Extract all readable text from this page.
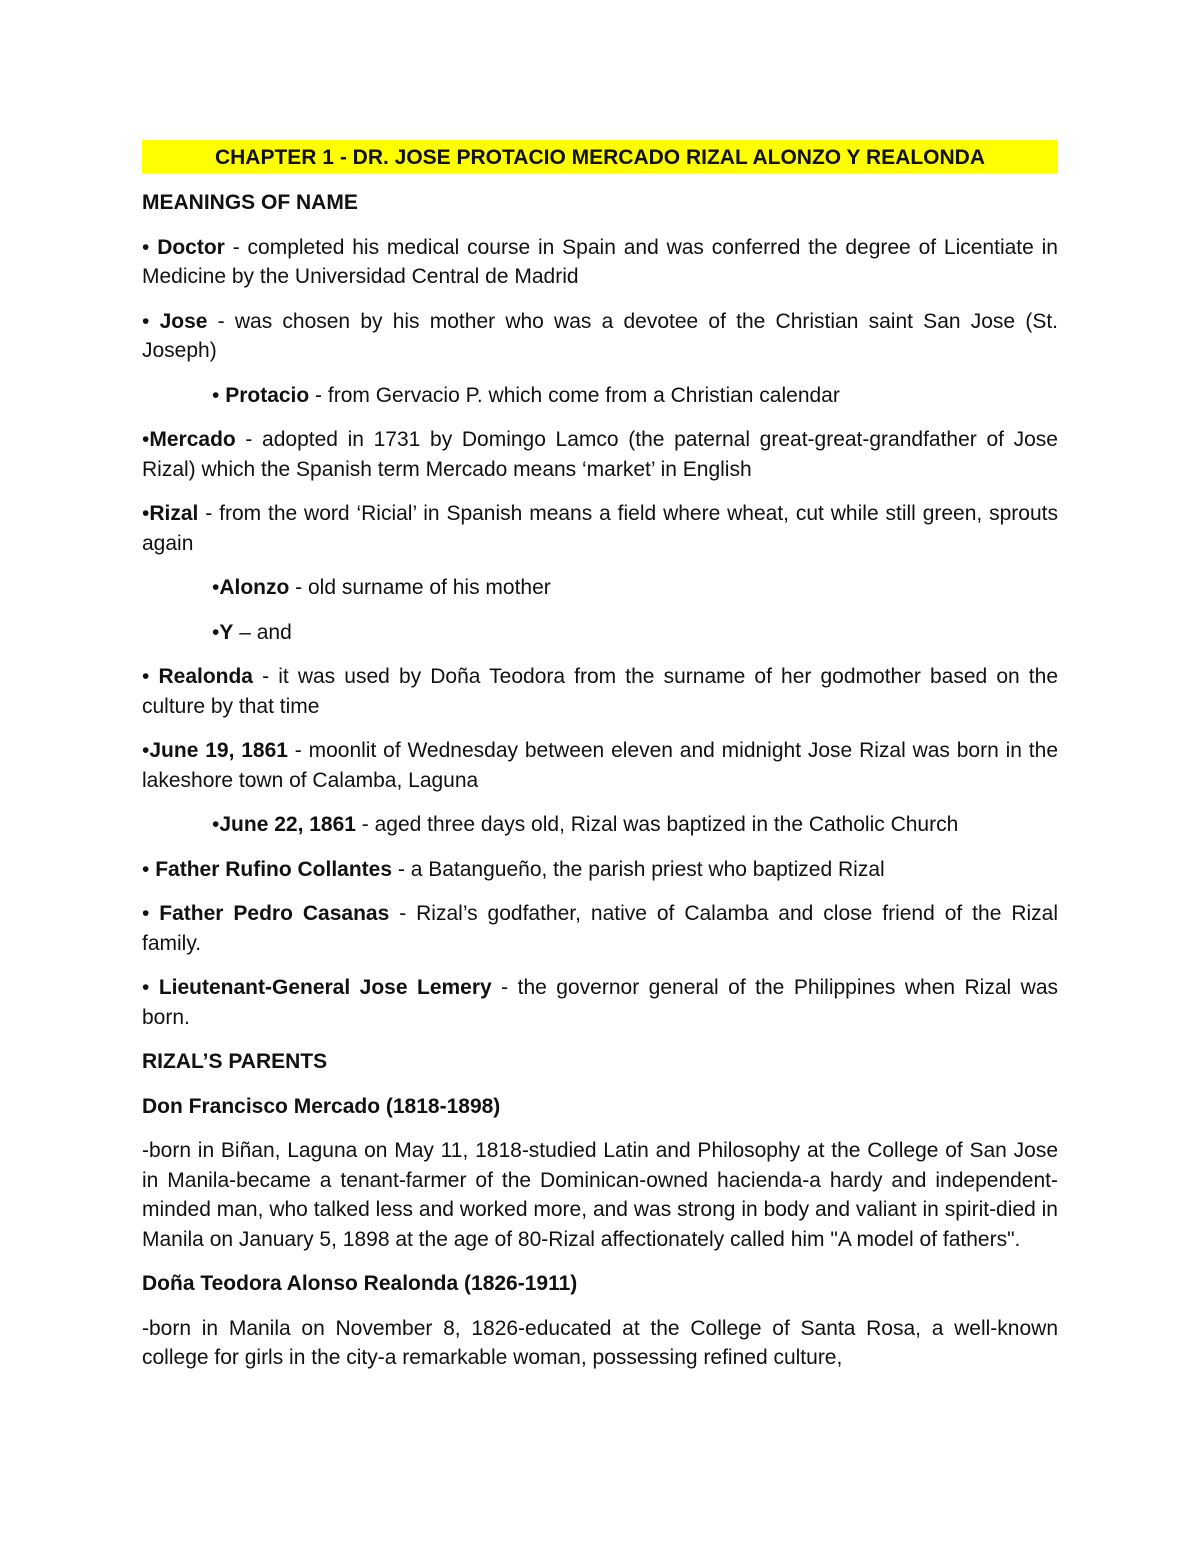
CHAPTER 1 - DR. JOSE PROTACIO MERCADO RIZAL ALONZO Y REALONDA
MEANINGS OF NAME
• Doctor - completed his medical course in Spain and was conferred the degree of Licentiate in Medicine by the Universidad Central de Madrid
• Jose - was chosen by his mother who was a devotee of the Christian saint San Jose (St. Joseph)
• Protacio - from Gervacio P. which come from a Christian calendar
•Mercado - adopted in 1731 by Domingo Lamco (the paternal great-great-grandfather of Jose Rizal) which the Spanish term Mercado means ‘market’ in English
•Rizal - from the word ‘Ricial’ in Spanish means a field where wheat, cut while still green, sprouts again
•Alonzo - old surname of his mother
•Y – and
• Realonda - it was used by Doña Teodora from the surname of her godmother based on the culture by that time
•June 19, 1861 - moonlit of Wednesday between eleven and midnight Jose Rizal was born in the lakeshore town of Calamba, Laguna
•June 22, 1861 - aged three days old, Rizal was baptized in the Catholic Church
• Father Rufino Collantes - a Batangueño, the parish priest who baptized Rizal
• Father Pedro Casanas - Rizal’s godfather, native of Calamba and close friend of the Rizal family.
• Lieutenant-General Jose Lemery - the governor general of the Philippines when Rizal was born.
RIZAL’S PARENTS
Don Francisco Mercado (1818-1898)
-born in Biñan, Laguna on May 11, 1818-studied Latin and Philosophy at the College of San Jose in Manila-became a tenant-farmer of the Dominican-owned hacienda-a hardy and independent-minded man, who talked less and worked more, and was strong in body and valiant in spirit-died in Manila on January 5, 1898 at the age of 80-Rizal affectionately called him "A model of fathers".
Doña Teodora Alonso Realonda (1826-1911)
-born in Manila on November 8, 1826-educated at the College of Santa Rosa, a well-known college for girls in the city-a remarkable woman, possessing refined culture,
